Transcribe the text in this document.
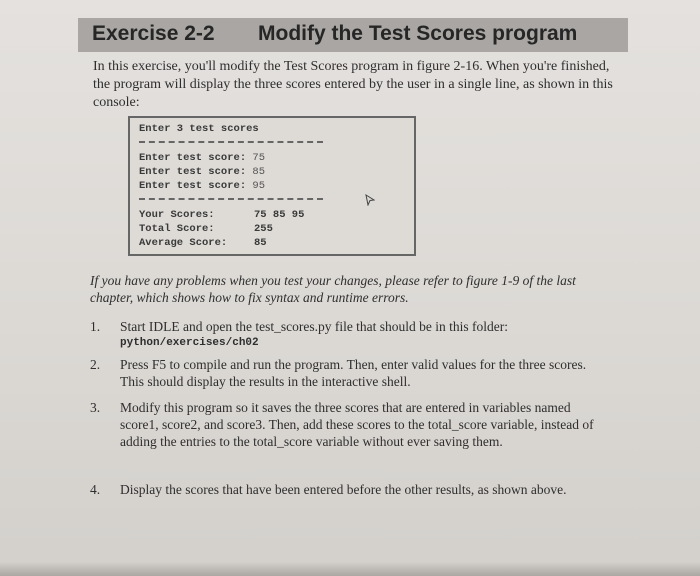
Exercise 2-2 Modify the Test Scores program
In this exercise, you'll modify the Test Scores program in figure 2-16. When you're finished, the program will display the three scores entered by the user in a single line, as shown in this console:
Enter 3 test scores
Enter test score: 75
Enter test score: 85
Enter test score: 95
Your Scores:	75 85 95
Total Score:	255
Average Score:	85
If you have any problems when you test your changes, please refer to figure 1-9 of the last chapter, which shows how to fix syntax and runtime errors.
1. Start IDLE and open the test_scores.py file that should be in this folder:
python/exercises/ch02
2. Press F5 to compile and run the program. Then, enter valid values for the three scores. This should display the results in the interactive shell.
3. Modify this program so it saves the three scores that are entered in variables named score1, score2, and score3. Then, add these scores to the total_score variable, instead of adding the entries to the total_score variable without ever saving them.
4. Display the scores that have been entered before the other results, as shown above.
